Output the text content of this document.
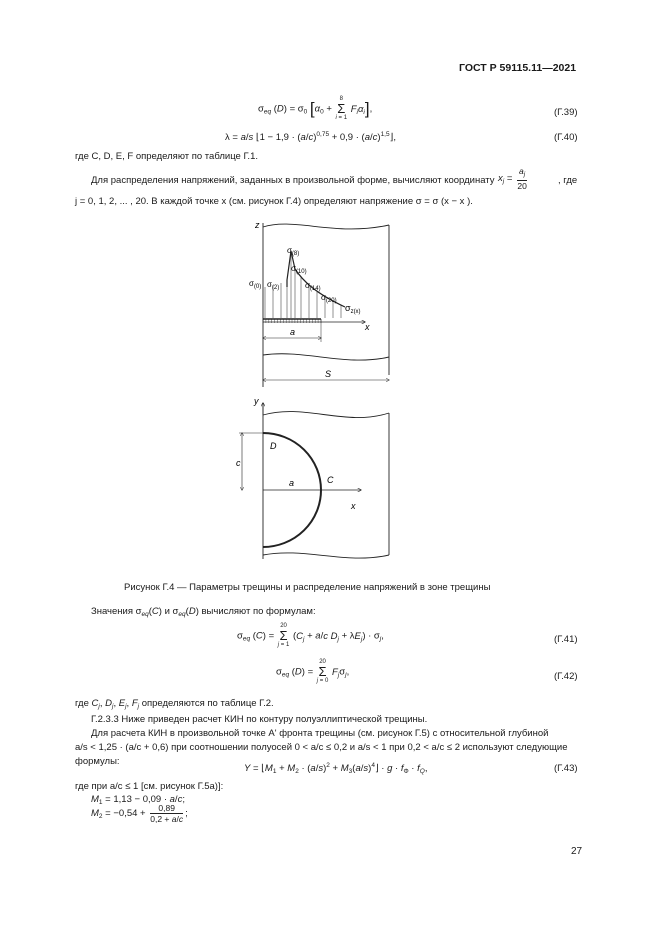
ГОСТ Р 59115.11—2021
$\sigma_{eq}$ $(D) = \sigma_0$ [$\alpha_0$ +
8
Σ
i = 1
$F_i\alpha_i$],	(Г.39)
λ = a/s ⌊1 − $1,9 \cdot (a/c)^{0,75} + 0,9$ · $(a/c)^{1,5}⌋$,	(Г.40)
где C, D, E, F определяют по таблице Г.1.
Для распределения напряжений, заданных в произвольной форме, вычисляют координату $x_j = \frac{a_j}{20}$	, где
j = 0, 1, 2, ... , 20. В каждой точке x (см. рисунок Г.4) определяют напряжение σ = σ (x − x ).
z
x
$\sigma_{(0)}$ $\sigma_{(2)}$
$\sigma_{(8)}$
$\sigma_{(10)}$
$\sigma_{(14)}$
$\sigma_{(20)}$
$\sigma_{z(x)}$
a
S
y
x
c
D
a	C
Рисунок Г.4 — Параметры трещины и распределение напряжений в зоне трещины
Значения $\sigma_{eq}(C)$ и $\sigma_{eq}(D)$ вычисляют по формулам:
$\sigma_{eq}$ (C) =
20
Σ
j = 1
($C_j + a/c$ $D_j + \lambda E_j) \cdot \sigma_j$,	(Г.41)
$\sigma_{eq}$ (D) =
20
Σ
j = 0
$F_j\sigma_j$,	(Г.42)
где $C_j$, $D_j$, $E_j$, $F_j$ определяются по таблице Г.2.
Г.2.3.3 Ниже приведен расчет КИН по контуру полуэллиптической трещины.
Для расчета КИН в произвольной точке А' фронта трещины (см. рисунок Г.5) с относительной глубиной
a/s < 1,25 · (a/c + 0,6) при соотношении полуосей 0 < a/c ≤ 0,2 и a/s < 1 при 0,2 < a/c ≤ 2 используют следующие
формулы:
$Y = ⌊M_1 + M_2 \cdot (a/s)^2$ + $M_3(a/s)^4⌋ \cdot g \cdot f_\Phi \cdot f_Q$,	(Г.43)
где при a/c ≤ 1 [см. рисунок Г.5а)]:
$M_1 = 1,13 - 0,09 \cdot a/c$;
$M_2 = -0,54 + \frac{0,89}{0,2 + a/c}$ ;
27
